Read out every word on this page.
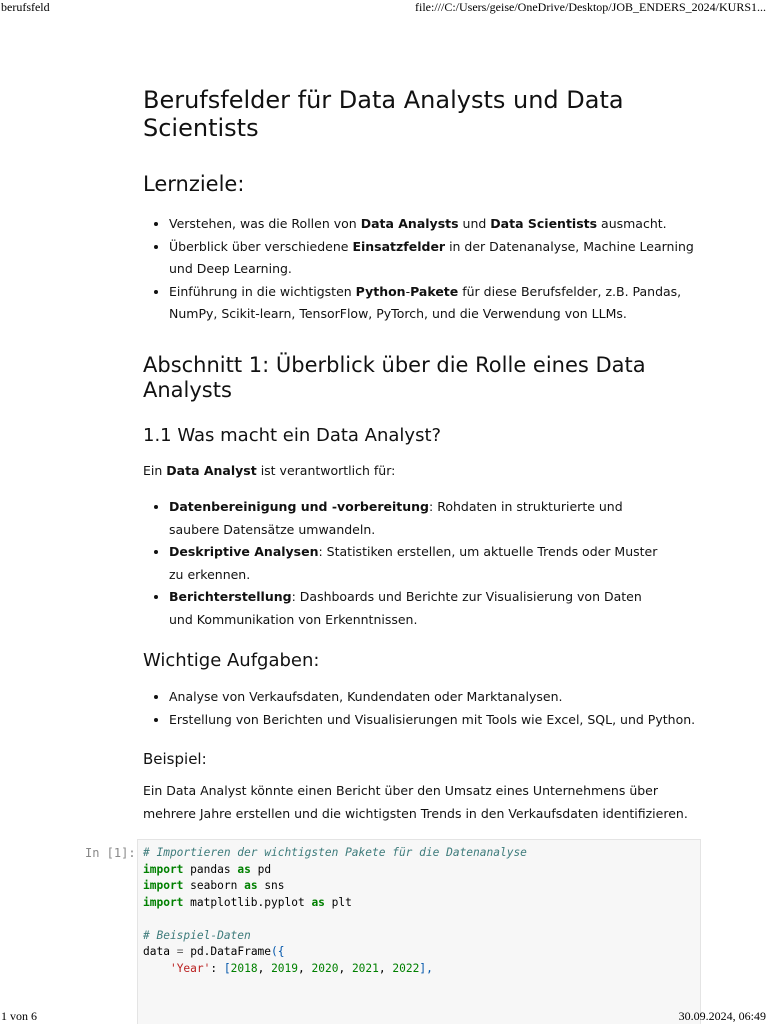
berufsfeld	file:///C:/Users/geise/OneDrive/Desktop/JOB_ENDERS_2024/KURS1...
Berufsfelder für Data Analysts und Data Scientists
Lernziele:
• Verstehen, was die Rollen von Data Analysts und Data Scientists ausmacht.
• Überblick über verschiedene Einsatzfelder in der Datenanalyse, Machine Learning und Deep Learning.
• Einführung in die wichtigsten Python-Pakete für diese Berufsfelder, z.B. Pandas, NumPy, Scikit-learn, TensorFlow, PyTorch, und die Verwendung von LLMs.
Abschnitt 1: Überblick über die Rolle eines Data Analysts
1.1 Was macht ein Data Analyst?

Ein Data Analyst ist verantwortlich für:

• Datenbereinigung und -vorbereitung: Rohdaten in strukturierte und saubere Datensätze umwandeln.
• Deskriptive Analysen: Statistiken erstellen, um aktuelle Trends oder Muster zu erkennen.
• Berichterstellung: Dashboards und Berichte zur Visualisierung von Daten und Kommunikation von Erkenntnissen.
Wichtige Aufgaben:
• Analyse von Verkaufsdaten, Kundendaten oder Marktanalysen.
• Erstellung von Berichten und Visualisierungen mit Tools wie Excel, SQL, und Python.
Beispiel:

Ein Data Analyst könnte einen Bericht über den Umsatz eines Unternehmens über mehrere Jahre erstellen und die wichtigsten Trends in den Verkaufsdaten identifizieren.

In [1]: # Importieren der wichtigsten Pakete für die Datenanalyse
import pandas as pd
import seaborn as sns
import matplotlib.pyplot as plt

# Beispiel-Daten
data = pd.DataFrame({
'Year': [2018, 2019, 2020, 2021, 2022],
1 von 6	30.09.2024, 06:49
